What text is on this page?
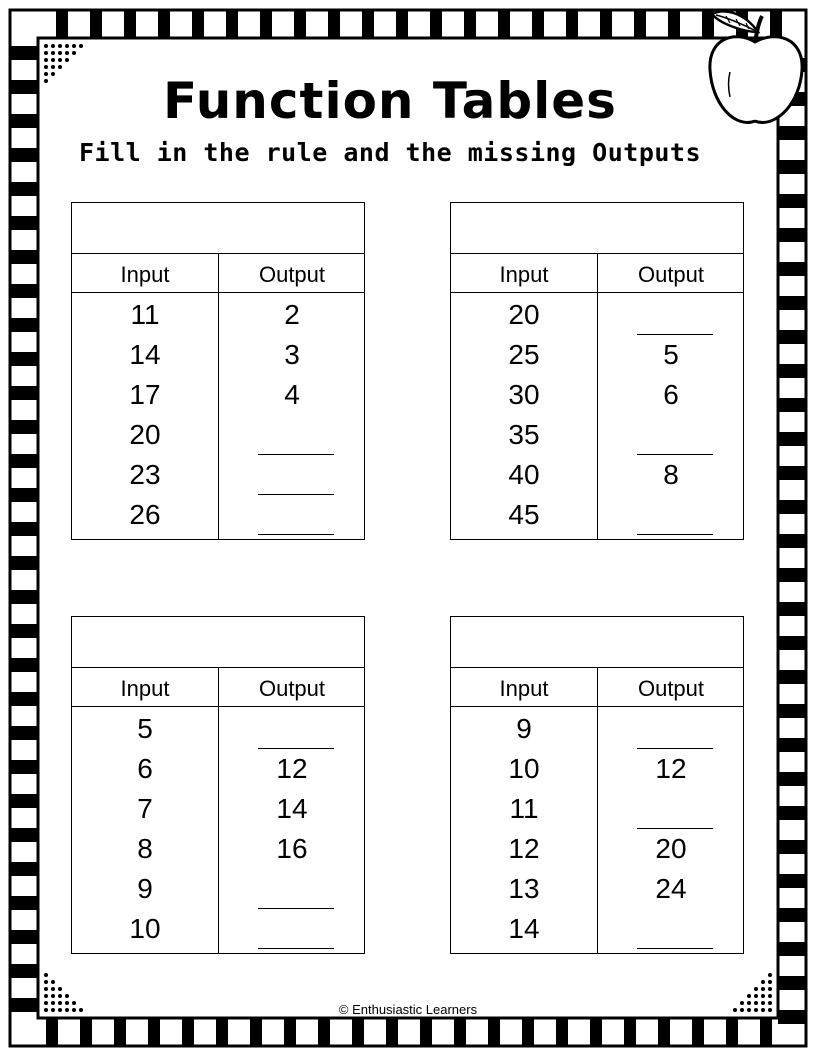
Function Tables
Fill in the rule and the missing Outputs
Input	Output
11	2
14	3
17	4
20
23
26
Input	Output
20
25	5
30	6
35
40	8
45
Input	Output
5
6	12
7	14
8	16
9
10
Input	Output
9
10	12
11
12	20
13	24
14
© Enthusiastic Learners
